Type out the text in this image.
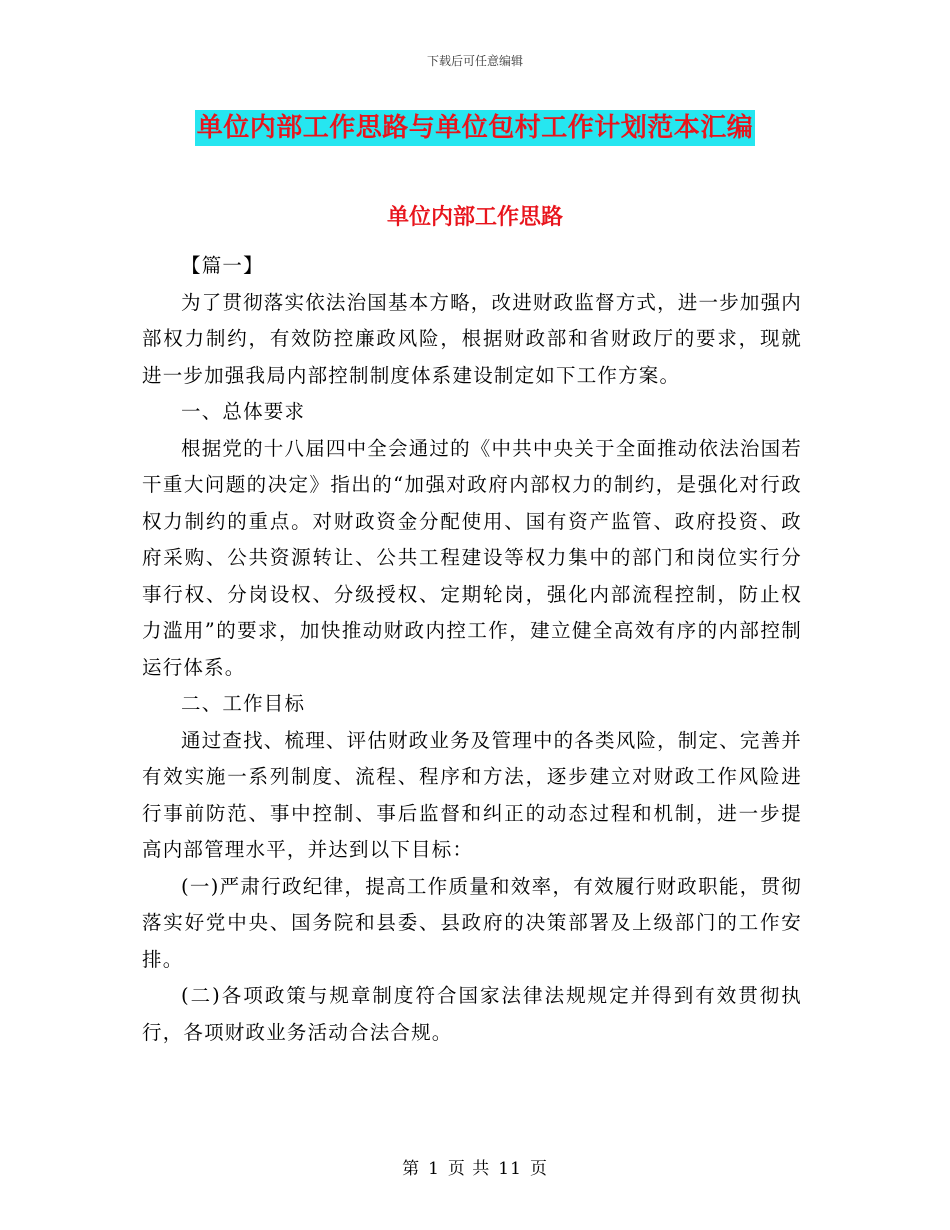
下载后可任意编辑
单位内部工作思路与单位包村工作计划范本汇编
单位内部工作思路

【篇一】

为了贯彻落实依法治国基本方略，改进财政监督方式，进一步加强内部权力制约，有效防控廉政风险，根据财政部和省财政厅的要求，现就进一步加强我局内部控制制度体系建设制定如下工作方案。

一、总体要求

根据党的十八届四中全会通过的《中共中央关于全面推动依法治国若干重大问题的决定》指出的“加强对政府内部权力的制约，是强化对行政权力制约的重点。对财政资金分配使用、国有资产监管、政府投资、政府采购、公共资源转让、公共工程建设等权力集中的部门和岗位实行分事行权、分岗设权、分级授权、定期轮岗，强化内部流程控制，防止权力滥用”的要求，加快推动财政内控工作，建立健全高效有序的内部控制运行体系。

二、工作目标

通过查找、梳理、评估财政业务及管理中的各类风险，制定、完善并有效实施一系列制度、流程、程序和方法，逐步建立对财政工作风险进行事前防范、事中控制、事后监督和纠正的动态过程和机制，进一步提高内部管理水平，并达到以下目标：

(一)严肃行政纪律，提高工作质量和效率，有效履行财政职能，贯彻落实好党中央、国务院和县委、县政府的决策部署及上级部门的工作安排。

(二)各项政策与规章制度符合国家法律法规规定并得到有效贯彻执行，各项财政业务活动合法合规。

第 1 页 共 11 页
